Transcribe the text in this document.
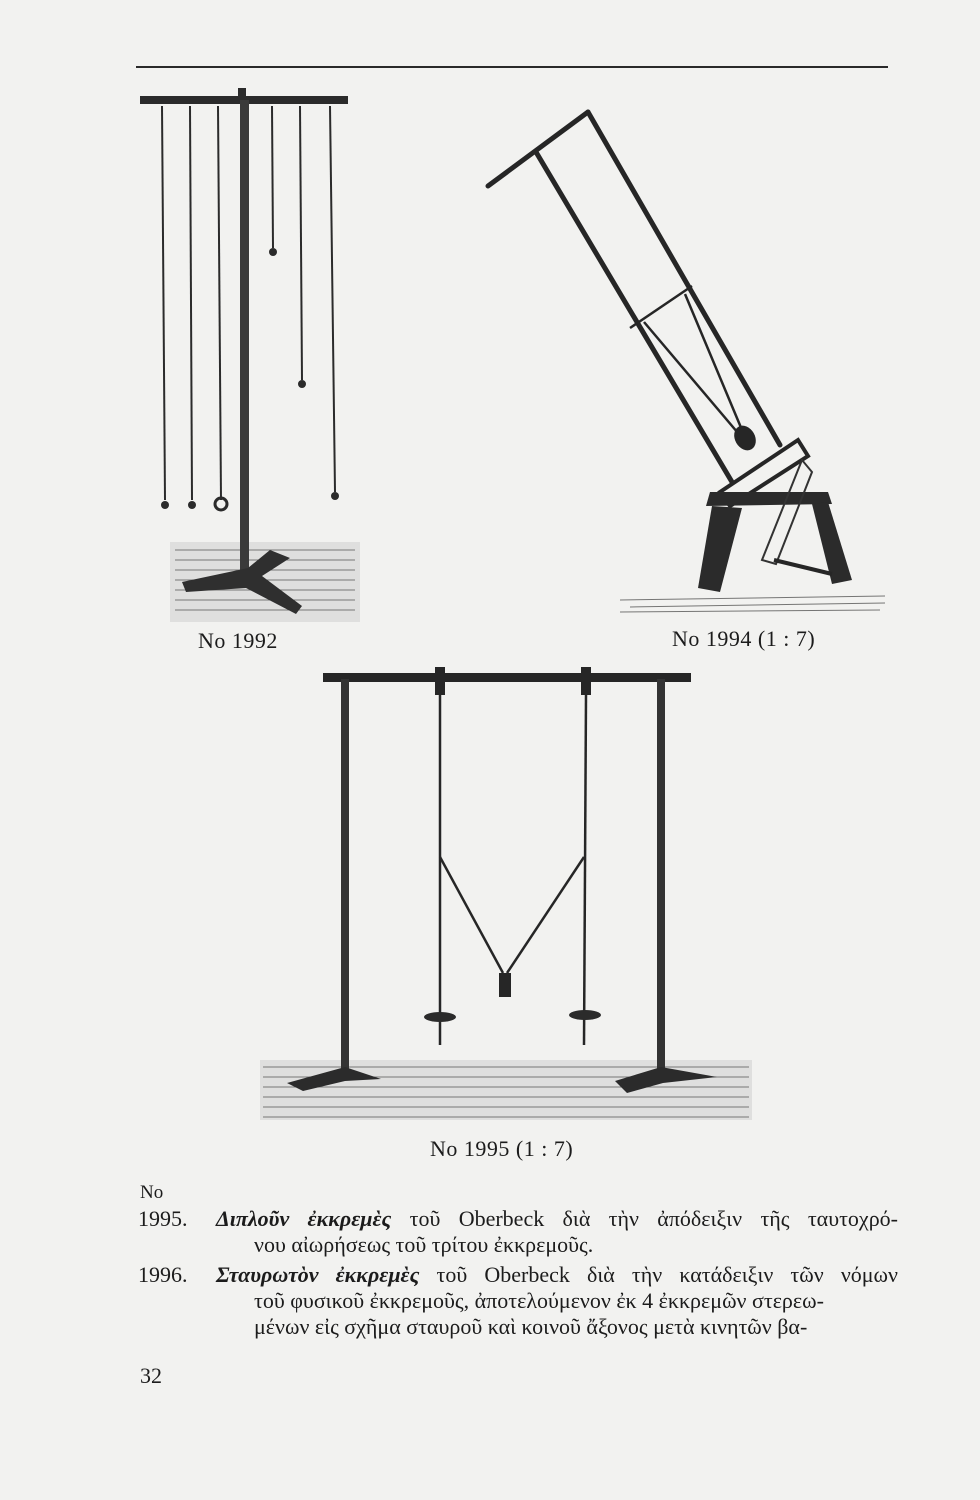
No 1992	No 1994 (1 : 7)
No 1995 (1 : 7)
No
1995. Διπλοῦν ἐκκρεμὲς τοῦ Oberbeck διὰ τὴν ἀπόδειξιν τῆς ταυτοχρό-
νου αἰωρήσεως τοῦ τρίτου ἐκκρεμοῦς.
1996. Σταυρωτὸν ἐκκρεμὲς τοῦ Oberbeck διὰ τὴν κατάδειξιν τῶν νόμων
τοῦ φυσικοῦ ἐκκρεμοῦς, ἀποτελούμενον ἐκ 4 ἐκκρεμῶν στερεω-
μένων εἰς σχῆμα σταυροῦ καὶ κοινοῦ ἄξονος μετὰ κινητῶν βα-
32
